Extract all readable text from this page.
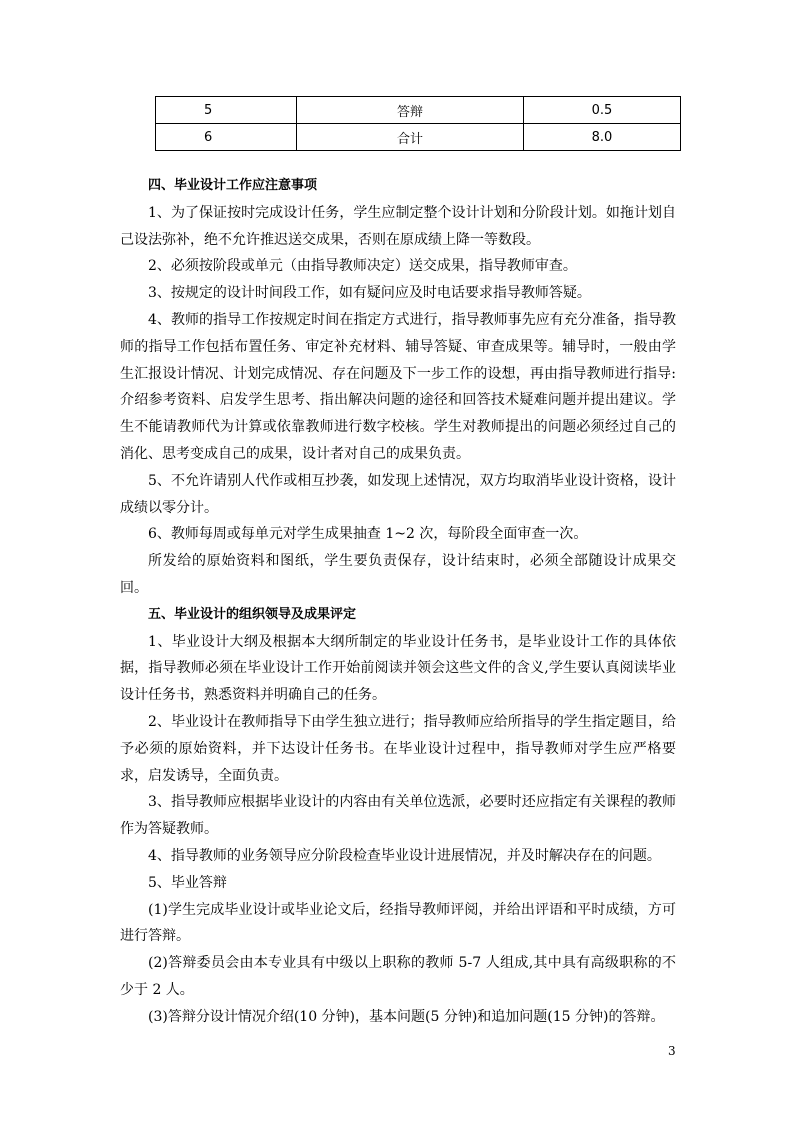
5	答辩	0.5
6	合计	8.0

四、毕业设计工作应注意事项

1、为了保证按时完成设计任务，学生应制定整个设计计划和分阶段计划。如拖计划自己设法弥补，绝不允许推迟送交成果，否则在原成绩上降一等数段。

2、必须按阶段或单元（由指导教师决定）送交成果，指导教师审查。

3、按规定的设计时间段工作，如有疑问应及时电话要求指导教师答疑。

4、教师的指导工作按规定时间在指定方式进行，指导教师事先应有充分准备，指导教师的指导工作包括布置任务、审定补充材料、辅导答疑、审查成果等。辅导时，一般由学生汇报设计情况、计划完成情况、存在问题及下一步工作的设想，再由指导教师进行指导: 介绍参考资料、启发学生思考、指出解决问题的途径和回答技术疑难问题并提出建议。学生不能请教师代为计算或依靠教师进行数字校核。学生对教师提出的问题必须经过自己的消化、思考变成自己的成果，设计者对自己的成果负责。

5、不允许请别人代作或相互抄袭，如发现上述情况，双方均取消毕业设计资格，设计成绩以零分计。

6、教师每周或每单元对学生成果抽查 1~2 次，每阶段全面审查一次。

所发给的原始资料和图纸，学生要负责保存，设计结束时，必须全部随设计成果交回。

五、毕业设计的组织领导及成果评定

1、毕业设计大纲及根据本大纲所制定的毕业设计任务书，是毕业设计工作的具体依据，指导教师必须在毕业设计工作开始前阅读并领会这些文件的含义,学生要认真阅读毕业设计任务书，熟悉资料并明确自己的任务。

2、毕业设计在教师指导下由学生独立进行；指导教师应给所指导的学生指定题目，给予必须的原始资料，并下达设计任务书。在毕业设计过程中，指导教师对学生应严格要求，启发诱导，全面负责。

3、指导教师应根据毕业设计的内容由有关单位选派，必要时还应指定有关课程的教师作为答疑教师。

4、指导教师的业务领导应分阶段检查毕业设计进展情况，并及时解决存在的问题。

5、毕业答辩

(1)学生完成毕业设计或毕业论文后，经指导教师评阅，并给出评语和平时成绩，方可进行答辩。

(2)答辩委员会由本专业具有中级以上职称的教师 5-7 人组成,其中具有高级职称的不少于 2 人。

(3)答辩分设计情况介绍(10 分钟)，基本问题(5 分钟)和追加问题(15 分钟)的答辩。

3
